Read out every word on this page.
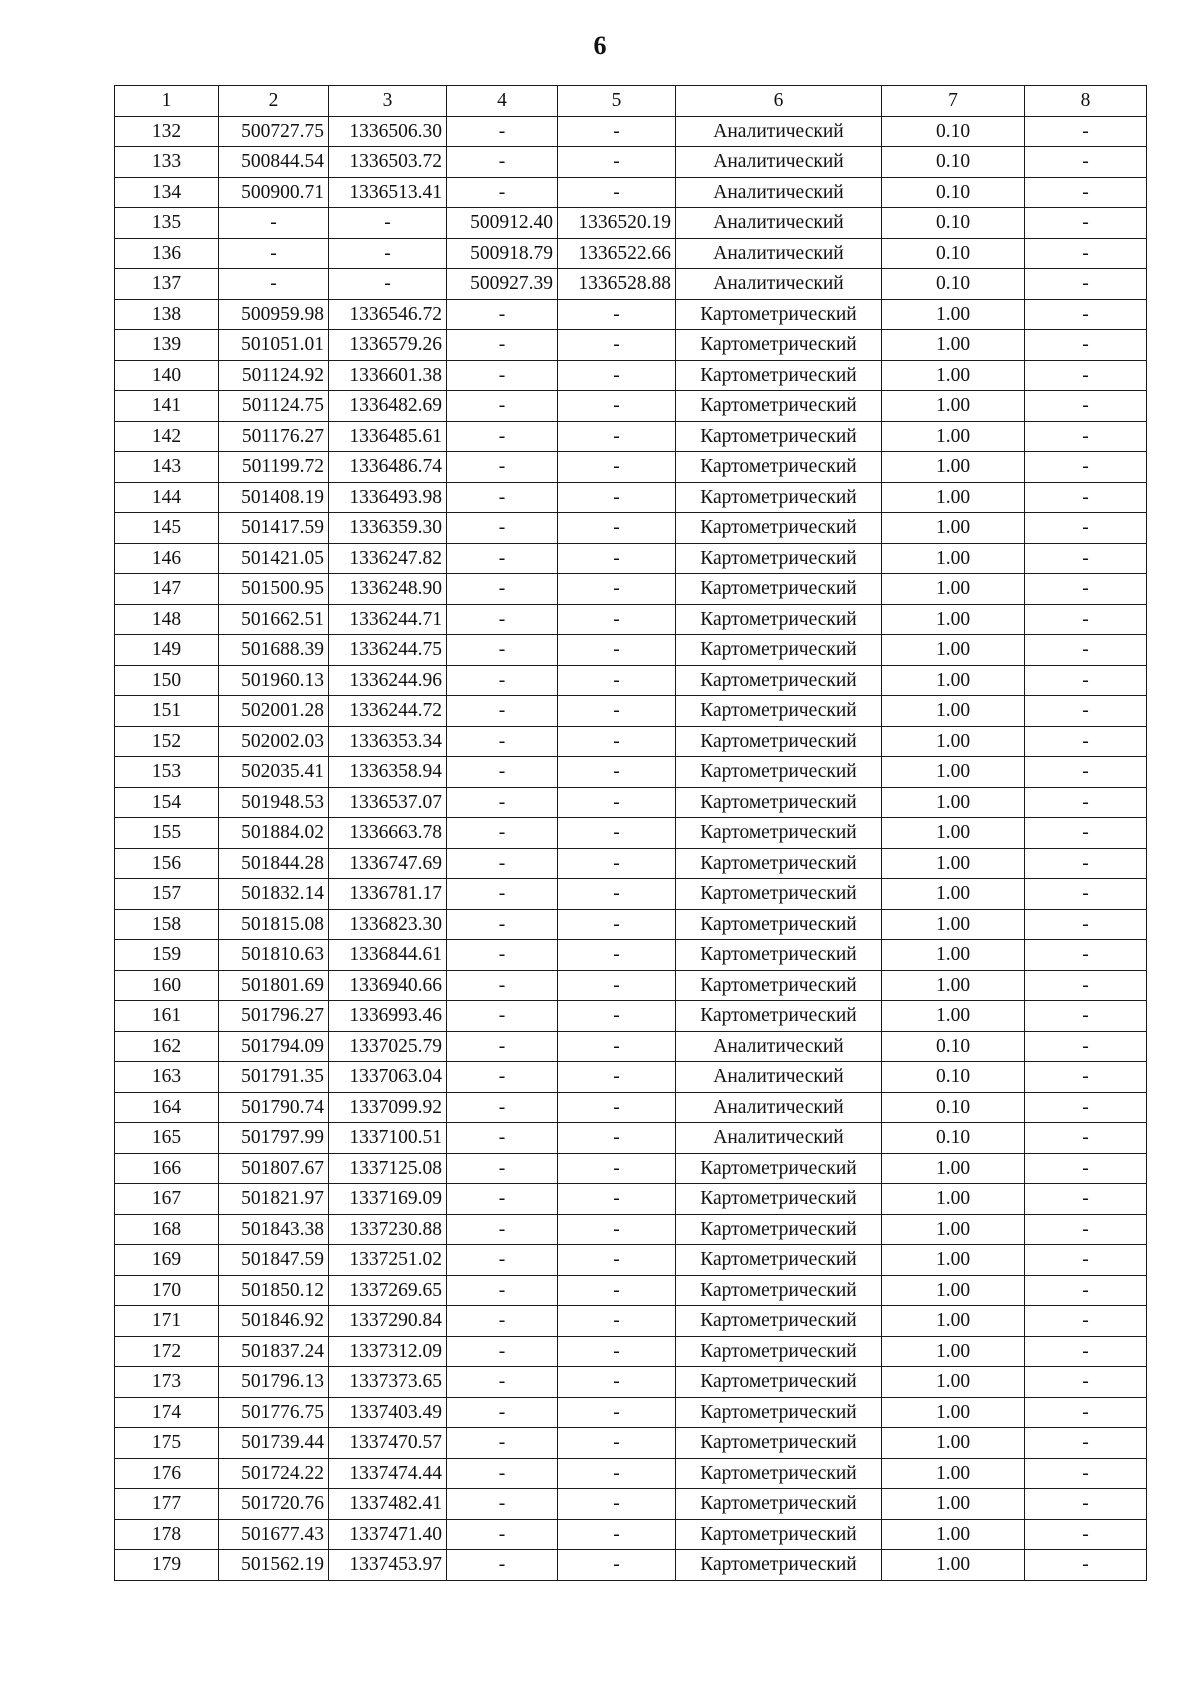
6
1	2	3	4	5	6	7	8
132	500727.75	1336506.30	-	-	Аналитический	0.10	-
133	500844.54	1336503.72	-	-	Аналитический	0.10	-
134	500900.71	1336513.41	-	-	Аналитический	0.10	-
135	-	-	500912.40	1336520.19	Аналитический	0.10	-
136	-	-	500918.79	1336522.66	Аналитический	0.10	-
137	-	-	500927.39	1336528.88	Аналитический	0.10	-
138	500959.98	1336546.72	-	-	Картометрический	1.00	-
139	501051.01	1336579.26	-	-	Картометрический	1.00	-
140	501124.92	1336601.38	-	-	Картометрический	1.00	-
141	501124.75	1336482.69	-	-	Картометрический	1.00	-
142	501176.27	1336485.61	-	-	Картометрический	1.00	-
143	501199.72	1336486.74	-	-	Картометрический	1.00	-
144	501408.19	1336493.98	-	-	Картометрический	1.00	-
145	501417.59	1336359.30	-	-	Картометрический	1.00	-
146	501421.05	1336247.82	-	-	Картометрический	1.00	-
147	501500.95	1336248.90	-	-	Картометрический	1.00	-
148	501662.51	1336244.71	-	-	Картометрический	1.00	-
149	501688.39	1336244.75	-	-	Картометрический	1.00	-
150	501960.13	1336244.96	-	-	Картометрический	1.00	-
151	502001.28	1336244.72	-	-	Картометрический	1.00	-
152	502002.03	1336353.34	-	-	Картометрический	1.00	-
153	502035.41	1336358.94	-	-	Картометрический	1.00	-
154	501948.53	1336537.07	-	-	Картометрический	1.00	-
155	501884.02	1336663.78	-	-	Картометрический	1.00	-
156	501844.28	1336747.69	-	-	Картометрический	1.00	-
157	501832.14	1336781.17	-	-	Картометрический	1.00	-
158	501815.08	1336823.30	-	-	Картометрический	1.00	-
159	501810.63	1336844.61	-	-	Картометрический	1.00	-
160	501801.69	1336940.66	-	-	Картометрический	1.00	-
161	501796.27	1336993.46	-	-	Картометрический	1.00	-
162	501794.09	1337025.79	-	-	Аналитический	0.10	-
163	501791.35	1337063.04	-	-	Аналитический	0.10	-
164	501790.74	1337099.92	-	-	Аналитический	0.10	-
165	501797.99	1337100.51	-	-	Аналитический	0.10	-
166	501807.67	1337125.08	-	-	Картометрический	1.00	-
167	501821.97	1337169.09	-	-	Картометрический	1.00	-
168	501843.38	1337230.88	-	-	Картометрический	1.00	-
169	501847.59	1337251.02	-	-	Картометрический	1.00	-
170	501850.12	1337269.65	-	-	Картометрический	1.00	-
171	501846.92	1337290.84	-	-	Картометрический	1.00	-
172	501837.24	1337312.09	-	-	Картометрический	1.00	-
173	501796.13	1337373.65	-	-	Картометрический	1.00	-
174	501776.75	1337403.49	-	-	Картометрический	1.00	-
175	501739.44	1337470.57	-	-	Картометрический	1.00	-
176	501724.22	1337474.44	-	-	Картометрический	1.00	-
177	501720.76	1337482.41	-	-	Картометрический	1.00	-
178	501677.43	1337471.40	-	-	Картометрический	1.00	-
179	501562.19	1337453.97	-	-	Картометрический	1.00	-
